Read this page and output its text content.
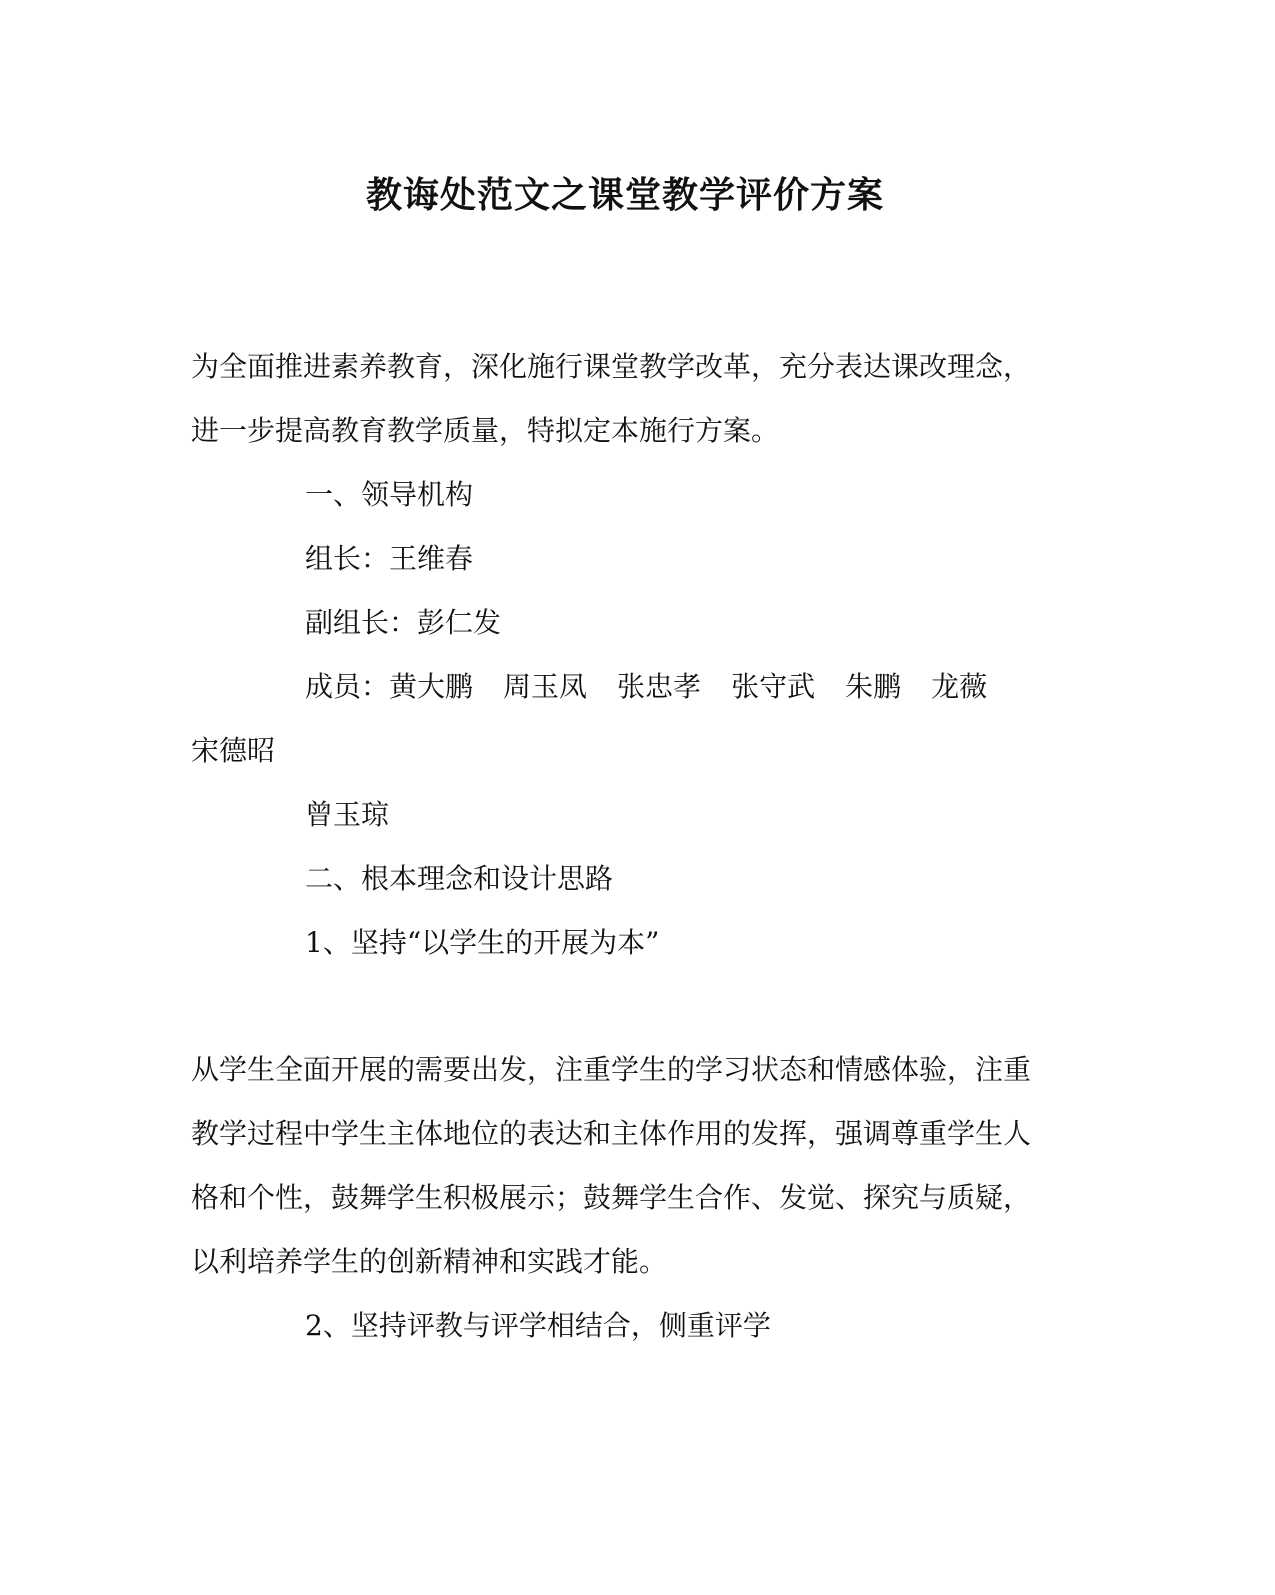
教诲处范文之课堂教学评价方案
为全面推进素养教育，深化施行课堂教学改革，充分表达课改理念，
进一步提高教育教学质量，特拟定本施行方案。
一、领导机构
组长：王维春
副组长：彭仁发
成员：黄大鹏 周玉凤 张忠孝 张守武 朱鹏 龙薇
宋德昭
曾玉琼
二、根本理念和设计思路
1、坚持“以学生的开展为本”
从学生全面开展的需要出发，注重学生的学习状态和情感体验，注重
教学过程中学生主体地位的表达和主体作用的发挥，强调尊重学生人
格和个性，鼓舞学生积极展示；鼓舞学生合作、发觉、探究与质疑，
以利培养学生的创新精神和实践才能。
2、坚持评教与评学相结合，侧重评学
